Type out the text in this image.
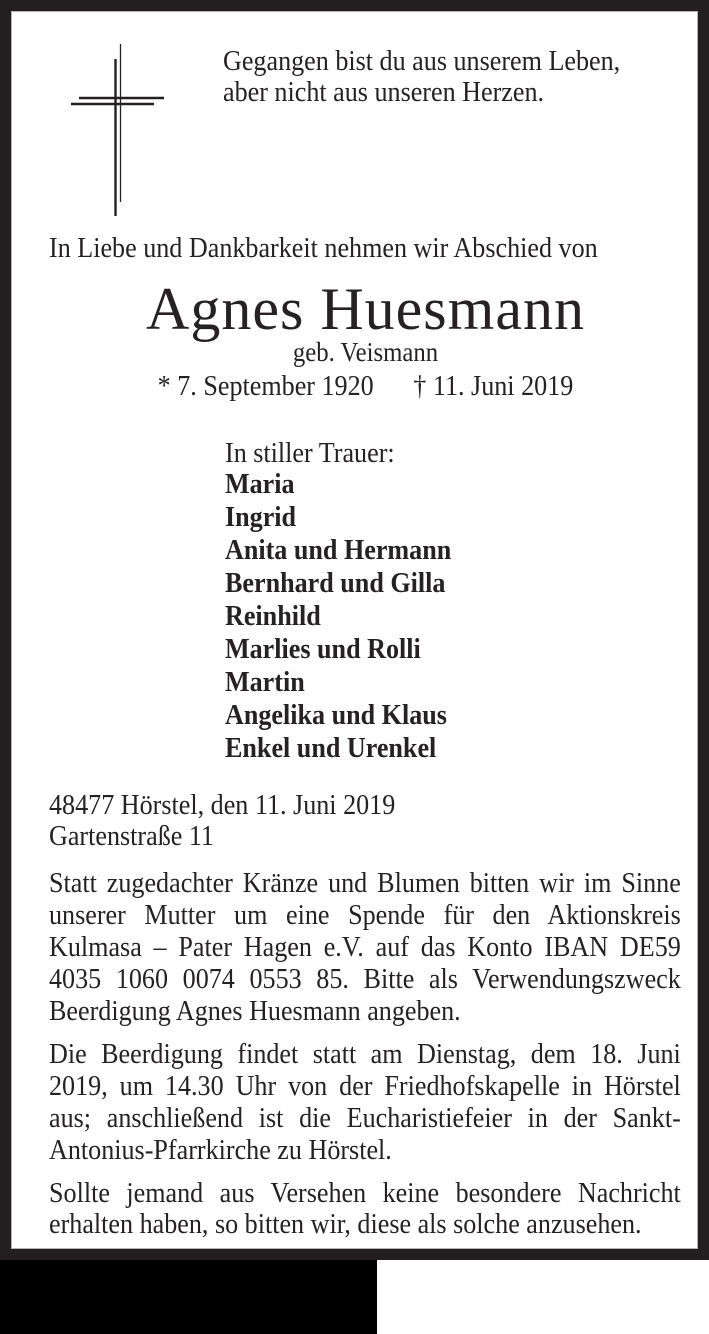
Gegangen bist du aus unserem Leben,
aber nicht aus unseren Herzen.
In Liebe und Dankbarkeit nehmen wir Abschied von
Agnes Huesmann
geb. Veismann
* 7. September 1920 † 11. Juni 2019
In stiller Trauer:
Maria
Ingrid
Anita und Hermann
Bernhard und Gilla
Reinhild
Marlies und Rolli
Martin
Angelika und Klaus
Enkel und Urenkel
48477 Hörstel, den 11. Juni 2019
Gartenstraße 11
Statt zugedachter Kränze und Blumen bitten wir im Sinne
unserer Mutter um eine Spende für den Aktionskreis
Kulmasa – Pater Hagen e.V. auf das Konto IBAN DE59
4035 1060 0074 0553 85. Bitte als Verwendungszweck
Beerdigung Agnes Huesmann angeben.
Die Beerdigung findet statt am Dienstag, dem 18. Juni
2019, um 14.30 Uhr von der Friedhofskapelle in Hörstel
aus; anschließend ist die Eucharistiefeier in der Sankt-
Antonius-Pfarrkirche zu Hörstel.
Sollte jemand aus Versehen keine besondere Nachricht
erhalten haben, so bitten wir, diese als solche anzusehen.
